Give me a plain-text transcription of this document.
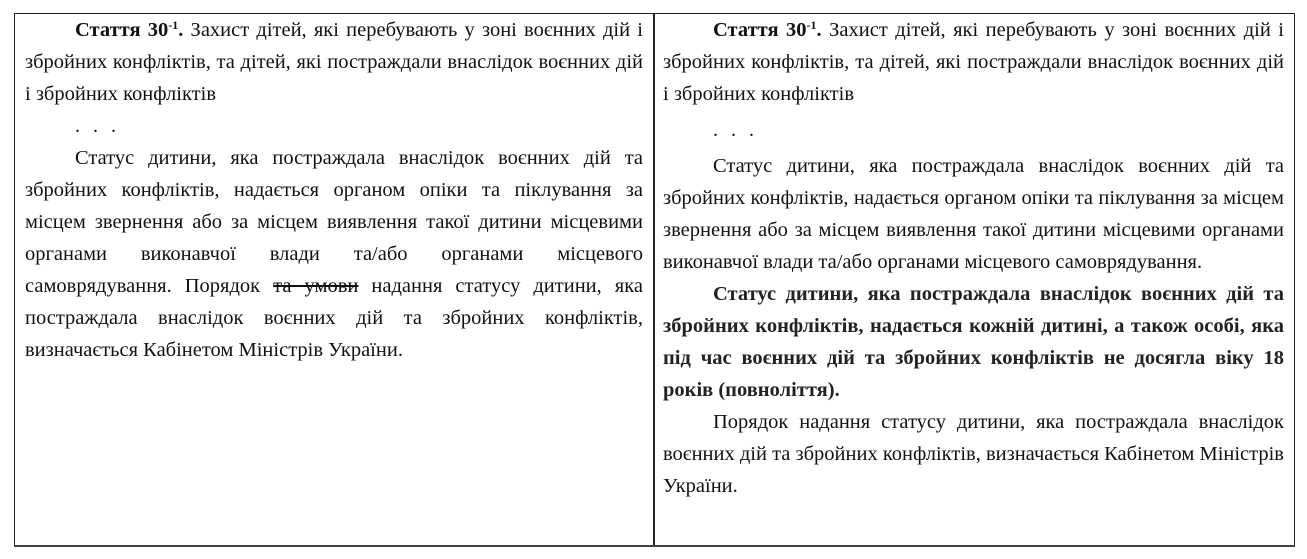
Стаття $30^{-1}$. Захист дітей, які перебувають у зоні воєнних дій і збройних конфліктів, та дітей, які постраждали внаслідок воєнних дій і збройних конфліктів

. . .

Статус дитини, яка постраждала внаслідок воєнних дій та збройних конфліктів, надається органом опіки та піклування за місцем звернення або за місцем виявлення такої дитини місцевими органами виконавчої влади та/або органами місцевого самоврядування. Порядок та умови надання статусу дитини, яка постраждала внаслідок воєнних дій та збройних конфліктів, визначається Кабінетом Міністрів України.

Стаття $30^{-1}$. Захист дітей, які перебувають у зоні воєнних дій і збройних конфліктів, та дітей, які постраждали внаслідок воєнних дій і збройних конфліктів

. . .

Статус дитини, яка постраждала внаслідок воєнних дій та збройних конфліктів, надається органом опіки та піклування за місцем звернення або за місцем виявлення такої дитини місцевими органами виконавчої влади та/або органами місцевого самоврядування.

Статус дитини, яка постраждала внаслідок воєнних дій та збройних конфліктів, надається кожній дитині, а також особі, яка під час воєнних дій та збройних конфліктів не досягла віку 18 років (повноліття).

Порядок надання статусу дитини, яка постраждала внаслідок воєнних дій та збройних конфліктів, визначається Кабінетом Міністрів України.
